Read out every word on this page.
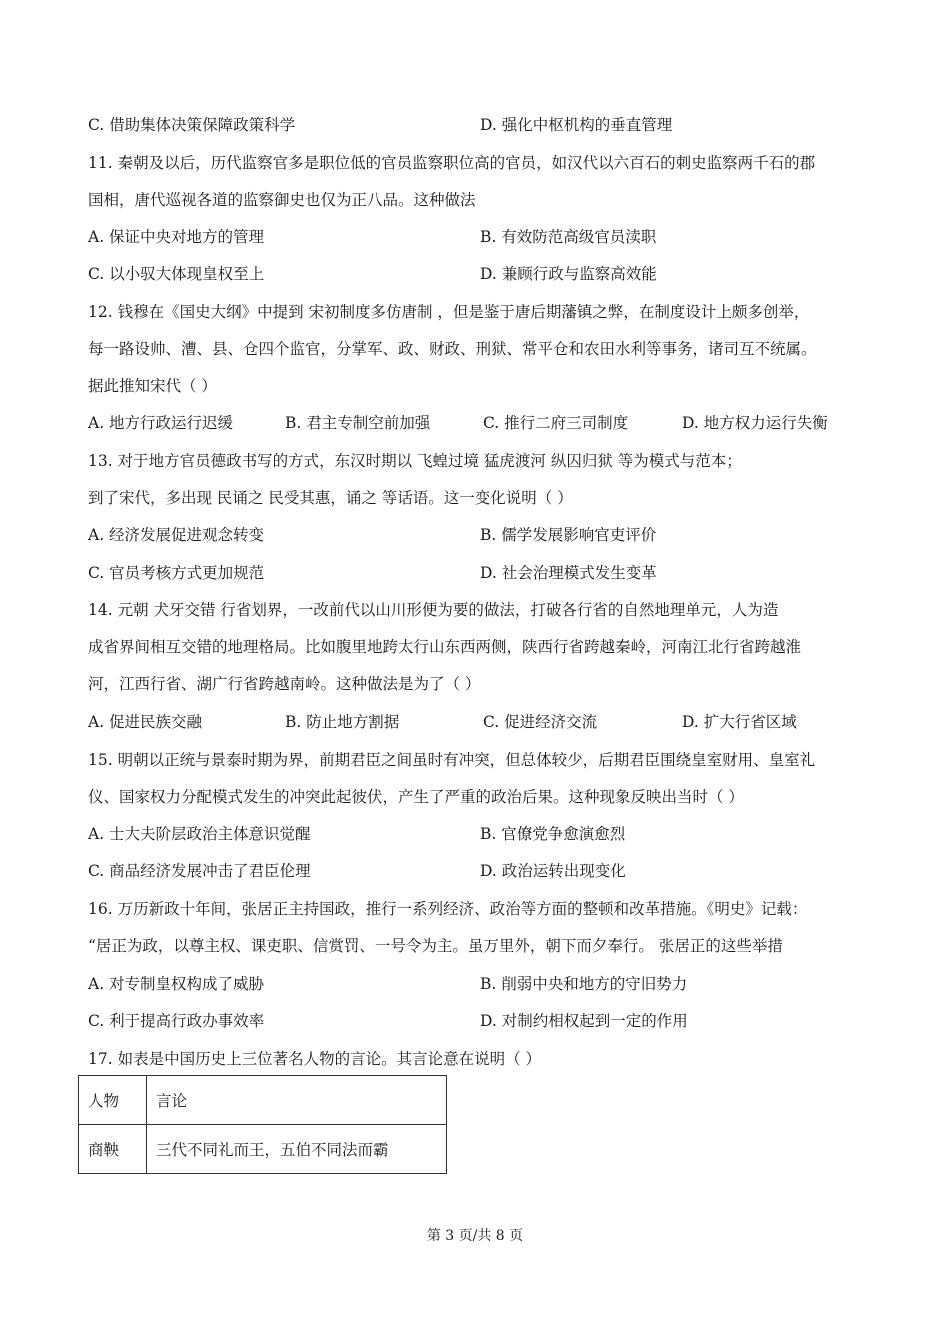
C. 借助集体决策保障政策科学	D. 强化中枢机构的垂直管理
11. 秦朝及以后，历代监察官多是职位低的官员监察职位高的官员，如汉代以六百石的刺史监察两千石的郡
国相，唐代巡视各道的监察御史也仅为正八品。这种做法
A. 保证中央对地方的管理	B. 有效防范高级官员渎职
C. 以小驭大体现皇权至上	D. 兼顾行政与监察高效能
12. 钱穆在《国史大纲》中提到 宋初制度多仿唐制 ，但是鉴于唐后期藩镇之弊，在制度设计上颇多创举，
每一路设帅、漕、县、仓四个监官，分掌军、政、财政、刑狱、常平仓和农田水利等事务，诸司互不统属。
据此推知宋代（ ）
A. 地方行政运行迟缓	B. 君主专制空前加强	C. 推行二府三司制度	D. 地方权力运行失衡
13. 对于地方官员德政书写的方式，东汉时期以 飞蝗过境 猛虎渡河 纵囚归狱 等为模式与范本；
到了宋代，多出现 民诵之 民受其惠，诵之 等话语。这一变化说明（ ）
A. 经济发展促进观念转变	B. 儒学发展影响官吏评价
C. 官员考核方式更加规范	D. 社会治理模式发生变革
14. 元朝 犬牙交错 行省划界，一改前代以山川形便为要的做法，打破各行省的自然地理单元，人为造
成省界间相互交错的地理格局。比如腹里地跨太行山东西两侧，陕西行省跨越秦岭，河南江北行省跨越淮
河，江西行省、湖广行省跨越南岭。这种做法是为了（ ）
A. 促进民族交融	B. 防止地方割据	C. 促进经济交流	D. 扩大行省区域
15. 明朝以正统与景泰时期为界，前期君臣之间虽时有冲突，但总体较少，后期君臣围绕皇室财用、皇室礼
仪、国家权力分配模式发生的冲突此起彼伏，产生了严重的政治后果。这种现象反映出当时（ ）
A. 士大夫阶层政治主体意识觉醒	B. 官僚党争愈演愈烈
C. 商品经济发展冲击了君臣伦理	D. 政治运转出现变化
16. 万历新政十年间，张居正主持国政，推行一系列经济、政治等方面的整顿和改革措施。《明史》记载：
“居正为政，以尊主权、课吏职、信赏罚、一号令为主。虽万里外，朝下而夕奉行。 张居正的这些举措
A. 对专制皇权构成了威胁	B. 削弱中央和地方的守旧势力
C. 利于提高行政办事效率	D. 对制约相权起到一定的作用
17. 如表是中国历史上三位著名人物的言论。其言论意在说明（ ）
人物	言论
商鞅	三代不同礼而王，五伯不同法而霸
第 3 页/共 8 页
